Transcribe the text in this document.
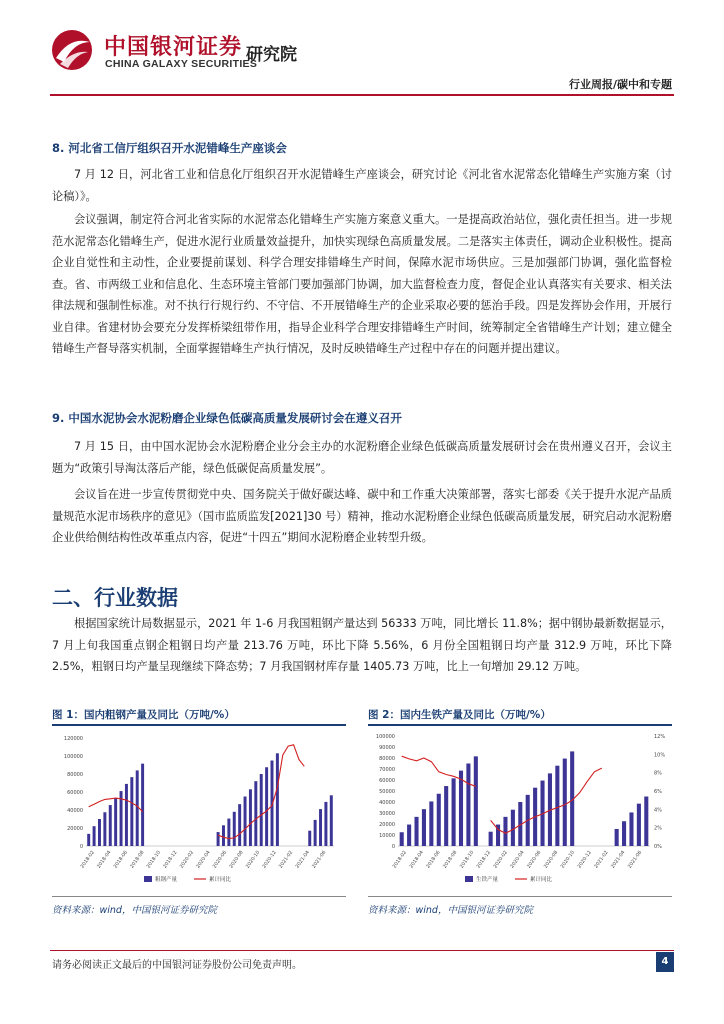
中国银河证券
CHINA GALAXY SECURITIES
研究院
行业周报/碳中和专题
8. 河北省工信厅组织召开水泥错峰生产座谈会
7 月 12 日，河北省工业和信息化厅组织召开水泥错峰生产座谈会，研究讨论《河北省水泥常态化错峰生产实施方案（讨论稿）》。
会议强调，制定符合河北省实际的水泥常态化错峰生产实施方案意义重大。一是提高政治站位，强化责任担当。进一步规范水泥常态化错峰生产，促进水泥行业质量效益提升，加快实现绿色高质量发展。二是落实主体责任，调动企业积极性。提高企业自觉性和主动性，企业要提前谋划、科学合理安排错峰生产时间，保障水泥市场供应。三是加强部门协调，强化监督检查。省、市两级工业和信息化、生态环境主管部门要加强部门协调，加大监督检查力度，督促企业认真落实有关要求、相关法律法规和强制性标准。对不执行行规行约、不守信、不开展错峰生产的企业采取必要的惩治手段。四是发挥协会作用，开展行业自律。省建材协会要充分发挥桥梁纽带作用，指导企业科学合理安排错峰生产时间，统筹制定全省错峰生产计划；建立健全错峰生产督导落实机制，全面掌握错峰生产执行情况，及时反映错峰生产过程中存在的问题并提出建议。
9. 中国水泥协会水泥粉磨企业绿色低碳高质量发展研讨会在遵义召开
7 月 15 日，由中国水泥协会水泥粉磨企业分会主办的水泥粉磨企业绿色低碳高质量发展研讨会在贵州遵义召开，会议主题为“政策引导淘汰落后产能，绿色低碳促高质量发展”。
会议旨在进一步宣传贯彻党中央、国务院关于做好碳达峰、碳中和工作重大决策部署，落实七部委《关于提升水泥产品质量规范水泥市场秩序的意见》（国市监质监发[2021]30 号）精神，推动水泥粉磨企业绿色低碳高质量发展，研究启动水泥粉磨企业供给侧结构性改革重点内容，促进“十四五”期间水泥粉磨企业转型升级。
二、行业数据
根据国家统计局数据显示，2021 年 1-6 月我国粗钢产量达到 56333 万吨，同比增长 11.8%；据中钢协最新数据显示，7 月上旬我国重点钢企粗钢日均产量 213.76 万吨，环比下降 5.56%，6 月份全国粗钢日均产量 312.9 万吨，环比下降 2.5%，粗钢日均产量呈现继续下降态势；7 月我国钢材库存量 1405.73 万吨，比上一旬增加 29.12 万吨。
图 1：国内粗钢产量及同比（万吨/%）
0
20000
40000
60000
80000
100000
120000
2018-02 2018-04 2018-06 2018-08 2018-10 2018-12 2020-02 2020-04 2020-06 2020-08 2020-10 2020-12 2021-02 2021-04 2021-06
粗钢产量	累计同比
资料来源：wind，中国银河证券研究院
图 2：国内生铁产量及同比（万吨/%）
0
10000
20000
30000
40000
50000
60000
70000
80000
90000
100000
0%
2%
4%
6%
8%
10%
12%
2018-02 2018-04 2018-06 2018-08 2018-10 2018-12 2020-02 2020-04 2020-06 2020-08 2020-10 2020-12 2021-02 2021-04 2021-06
生铁产量	累计同比
资料来源：wind，中国银河证券研究院
请务必阅读正文最后的中国银河证券股份公司免责声明。	4
